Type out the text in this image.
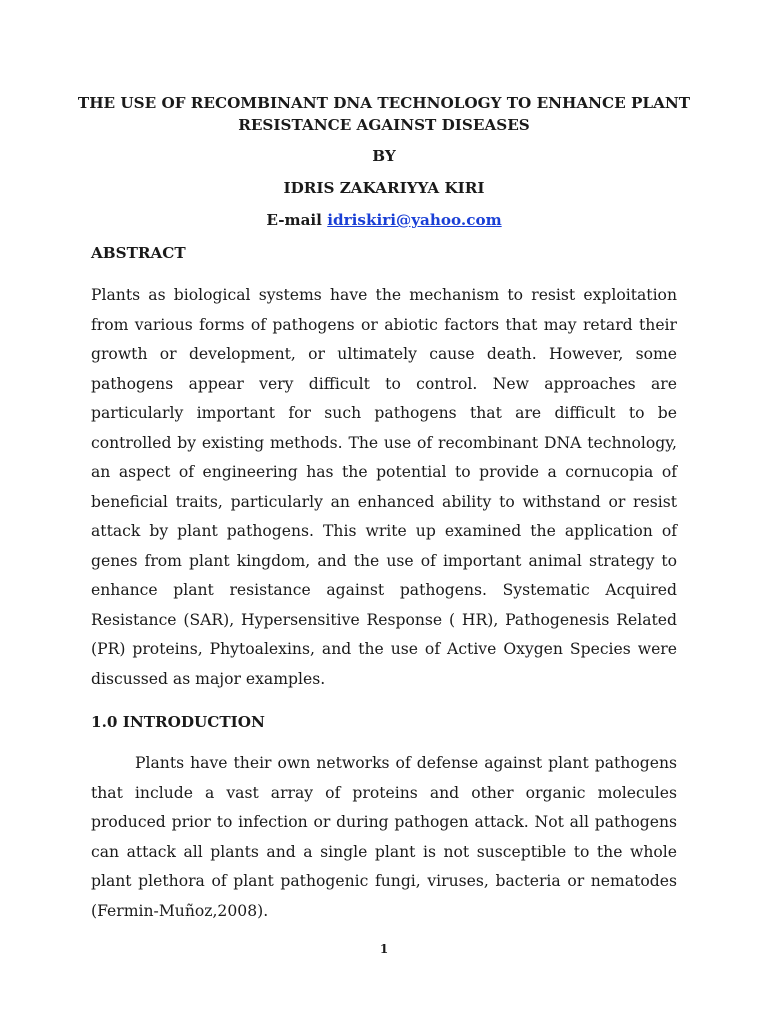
THE USE OF RECOMBINANT DNA TECHNOLOGY TO ENHANCE PLANT RESISTANCE AGAINST DISEASES
BY
IDRIS ZAKARIYYA KIRI
E-mail idriskiri@yahoo.com
ABSTRACT
Plants as biological systems have the mechanism to resist exploitation from various forms of pathogens or abiotic factors that may retard their growth or development, or ultimately cause death. However, some pathogens appear very difficult to control. New approaches are particularly important for such pathogens that are difficult to be controlled by existing methods. The use of recombinant DNA technology, an aspect of engineering has the potential to provide a cornucopia of beneficial traits, particularly an enhanced ability to withstand or resist attack by plant pathogens. This write up examined the application of genes from plant kingdom, and the use of important animal strategy to enhance plant resistance against pathogens. Systematic Acquired Resistance (SAR), Hypersensitive Response ( HR), Pathogenesis Related (PR) proteins, Phytoalexins, and the use of Active Oxygen Species were discussed as major examples.
1.0 INTRODUCTION
Plants have their own networks of defense against plant pathogens that include a vast array of proteins and other organic molecules produced prior to infection or during pathogen attack. Not all pathogens can attack all plants and a single plant is not susceptible to the whole plant plethora of plant pathogenic fungi, viruses, bacteria or nematodes (Fermin-Muñoz,2008).
1
